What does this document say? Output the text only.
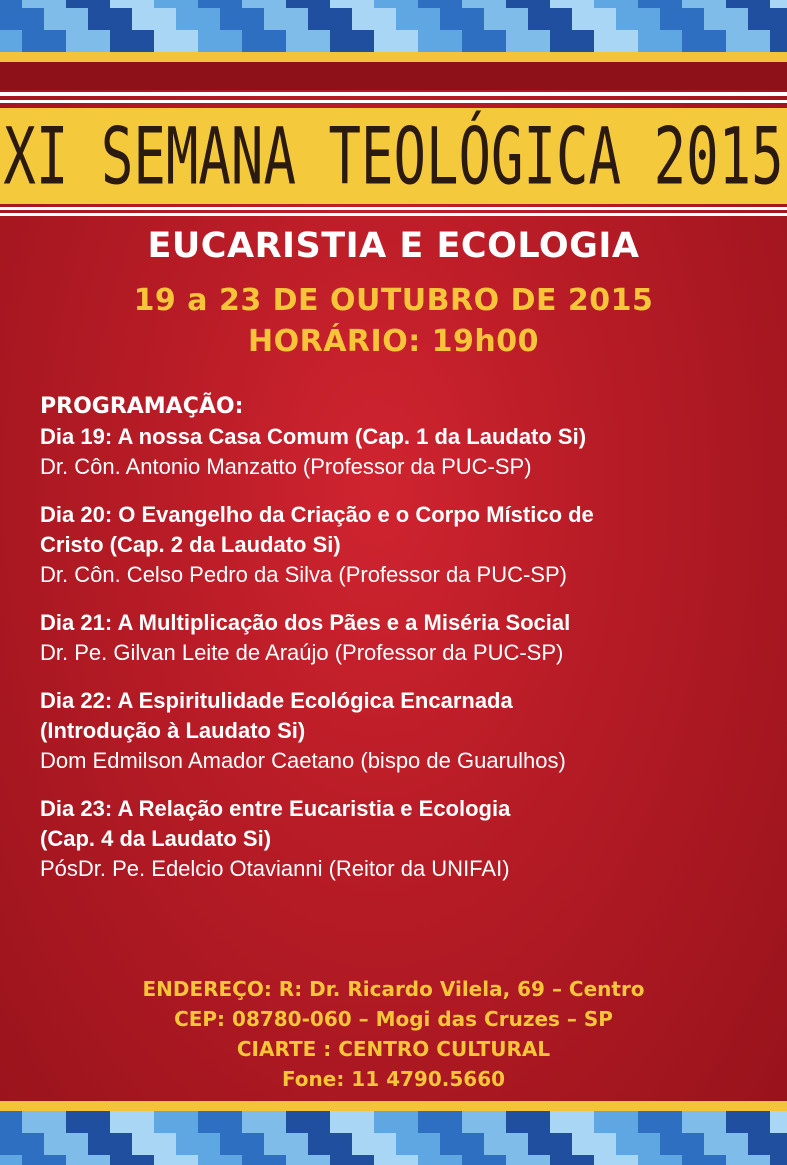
XI SEMANA TEOLÓGICA 2015
EUCARISTIA E ECOLOGIA
19 a 23 DE OUTUBRO DE 2015
HORÁRIO: 19h00
PROGRAMAÇÃO:
Dia 19: A nossa Casa Comum (Cap. 1 da Laudato Si)
Dr. Côn. Antonio Manzatto (Professor da PUC-SP)
Dia 20: O Evangelho da Criação e o Corpo Místico de
Cristo (Cap. 2 da Laudato Si)
Dr. Côn. Celso Pedro da Silva (Professor da PUC-SP)
Dia 21: A Multiplicação dos Pães e a Miséria Social
Dr. Pe. Gilvan Leite de Araújo (Professor da PUC-SP)
Dia 22: A Espiritulidade Ecológica Encarnada
(Introdução à Laudato Si)
Dom Edmilson Amador Caetano (bispo de Guarulhos)
Dia 23: A Relação entre Eucaristia e Ecologia
(Cap. 4 da Laudato Si)
PósDr. Pe. Edelcio Otavianni (Reitor da UNIFAI)
ENDEREÇO: R: Dr. Ricardo Vilela, 69 – Centro
CEP: 08780-060 – Mogi das Cruzes – SP
CIARTE : CENTRO CULTURAL
Fone: 11 4790.5660
